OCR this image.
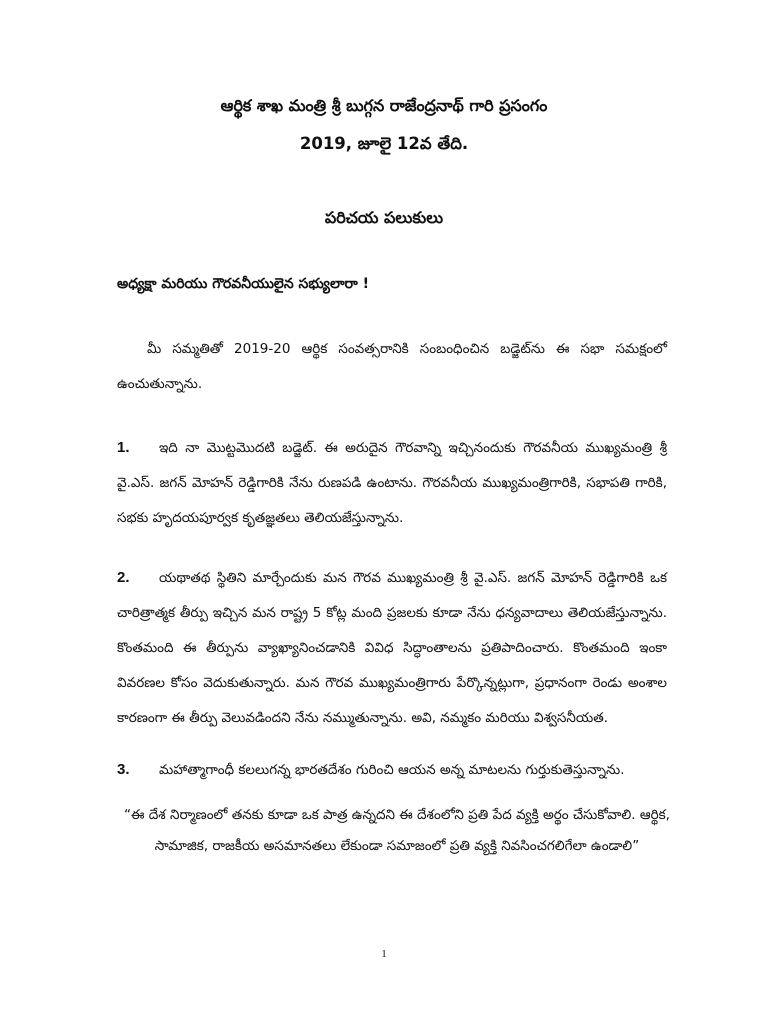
ఆర్థిక శాఖ మంత్రి శ్రీ బుగ్గన రాజేంద్రనాథ్ గారి ప్రసంగం
2019, జూలై 12వ తేది.
పరిచయ పలుకులు
అధ్యక్షా మరియు గౌరవనీయులైన సభ్యులారా !
మీ సమ్మతితో 2019-20 ఆర్థిక సంవత్సరానికి సంబంధించిన బడ్జెట్‌ను ఈ సభా సమక్షంలో ఉంచుతున్నాను.
1. ఇది నా మొట్టమొదటి బడ్జెట్. ఈ అరుదైన గౌరవాన్ని ఇచ్చినందుకు గౌరవనీయ ముఖ్యమంత్రి శ్రీ వై.ఎస్. జగన్ మోహన్ రెడ్డిగారికి నేను రుణపడి ఉంటాను. గౌరవనీయ ముఖ్యమంత్రిగారికి, సభాపతి గారికి, సభకు హృదయపూర్వక కృతజ్ఞతలు తెలియజేస్తున్నాను.
2. యథాతథ స్థితిని మార్చేందుకు మన గౌరవ ముఖ్యమంత్రి శ్రీ వై.ఎస్. జగన్ మోహన్ రెడ్డిగారికి ఒక చారిత్రాత్మక తీర్పు ఇచ్చిన మన రాష్ట్ర 5 కోట్ల మంది ప్రజలకు కూడా నేను ధన్యవాదాలు తెలియజేస్తున్నాను. కొంతమంది ఈ తీర్పును వ్యాఖ్యానించడానికి వివిధ సిద్ధాంతాలను ప్రతిపాదించారు. కొంతమంది ఇంకా వివరణల కోసం వెదుకుతున్నారు. మన గౌరవ ముఖ్యమంత్రిగారు పేర్కొన్నట్లుగా, ప్రధానంగా రెండు అంశాల కారణంగా ఈ తీర్పు వెలువడిందని నేను నమ్ముతున్నాను. అవి, నమ్మకం మరియు విశ్వసనీయత.
3. మహాత్మాగాంధీ కలలుగన్న భారతదేశం గురించి ఆయన అన్న మాటలను గుర్తుకుతెస్తున్నాను.
“ఈ దేశ నిర్మాణంలో తనకు కూడా ఒక పాత్ర ఉన్నదని ఈ దేశంలోని ప్రతి పేద వ్యక్తి అర్థం చేసుకోవాలి. ఆర్థిక, సామాజిక, రాజకీయ అసమానతలు లేకుండా సమాజంలో ప్రతి వ్యక్తి నివసించగలిగేలా ఉండాలి”
1
